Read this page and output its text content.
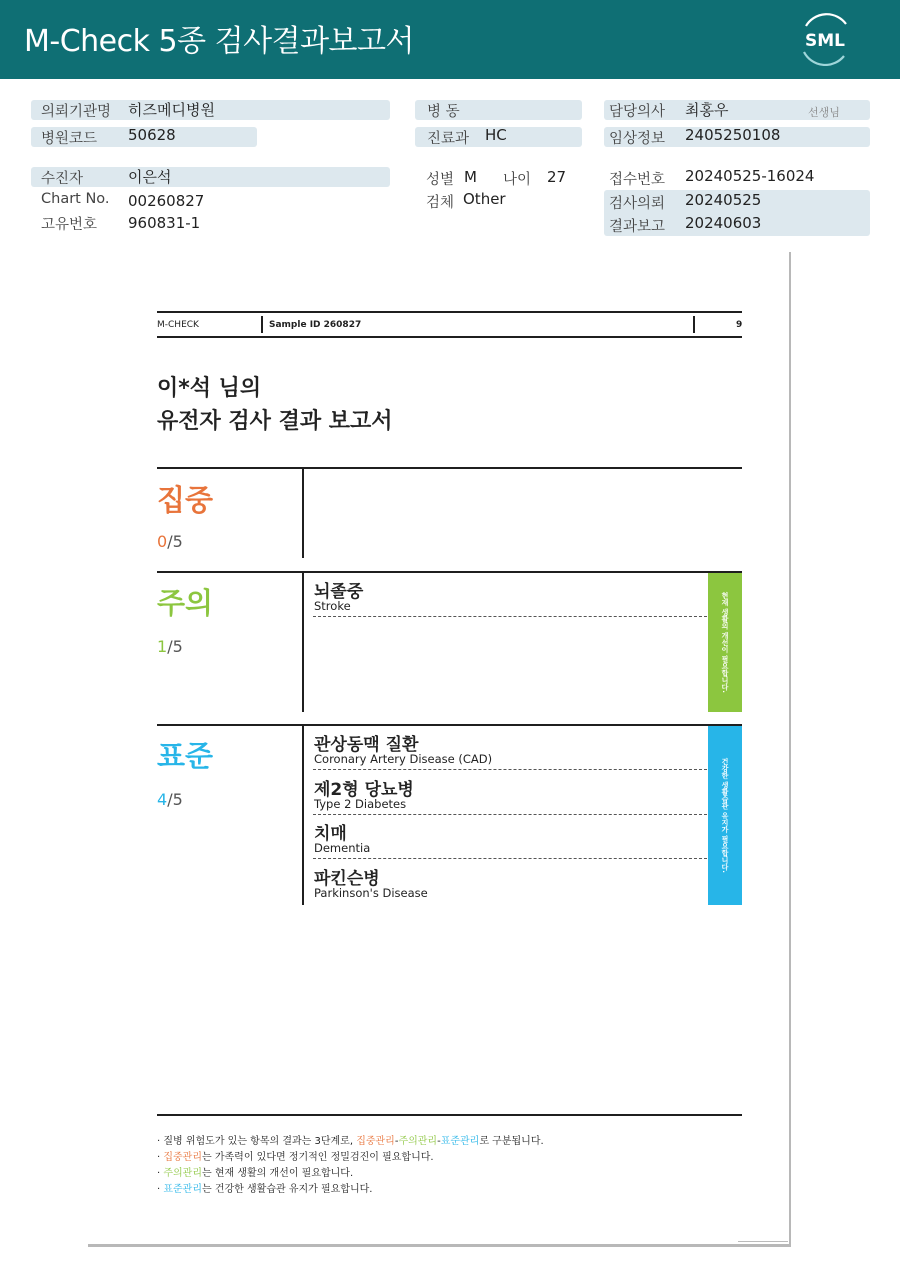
M-Check 5종 검사결과보고서	SML
의뢰기관명 히즈메디병원
병원코드 50628
병 동
진료과 HC
담당의사 최홍우	선생님
임상정보 2405250108
수진자	이은석
Chart No. 00260827
고유번호 960831-1
성별 M 나이 27
검체 Other
접수번호 20240525-16024
검사의뢰 20240525
결과보고 20240603
M-CHECK	Sample ID 260827	9
이*석 님의
유전자 검사 결과 보고서
집중
0/5
주의
1/5
뇌졸중
Stroke	현재 생활의 개선이 필요합니다.
표준
4/5
관상동맥 질환
Coronary Artery Disease (CAD)
제2형 당뇨병
Type 2 Diabetes
치매
Dementia
파킨슨병
Parkinson's Disease
건강한 생활습관 유지가 필요합니다.
· 질병 위험도가 있는 항목의 결과는 3단계로, 집중관리-주의관리-표준관리로 구분됩니다.
· 집중관리는 가족력이 있다면 정기적인 정밀검진이 필요합니다.
· 주의관리는 현재 생활의 개선이 필요합니다.
· 표준관리는 건강한 생활습관 유지가 필요합니다.
